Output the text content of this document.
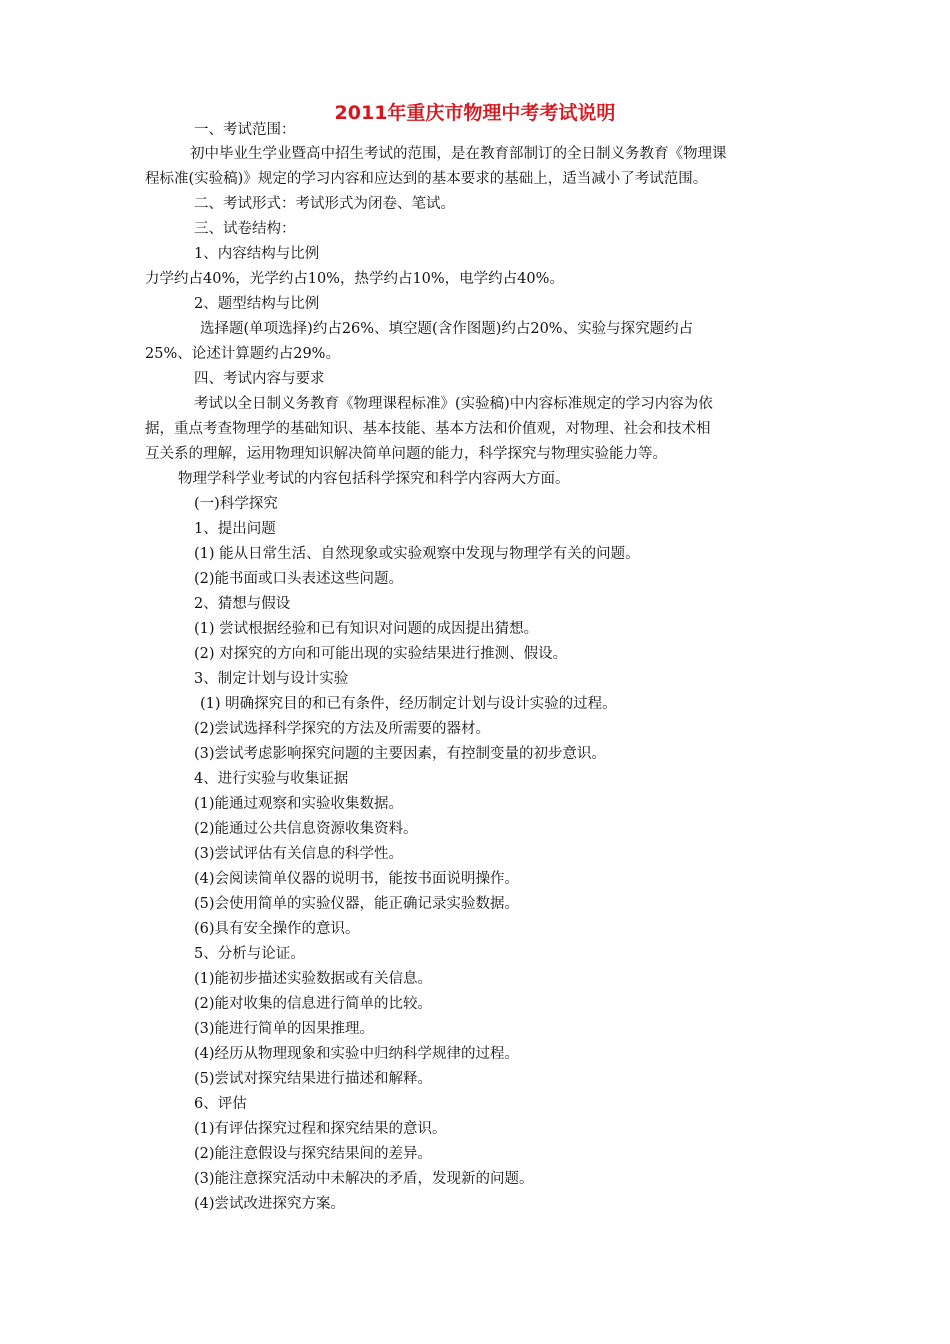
2011年重庆市物理中考考试说明
一、考试范围：
初中毕业生学业暨高中招生考试的范围，是在教育部制订的全日制义务教育《物理课
程标准(实验稿)》规定的学习内容和应达到的基本要求的基础上，适当减小了考试范围。
二、考试形式：考试形式为闭卷、笔试。
三、试卷结构：
1、内容结构与比例
力学约占40%，光学约占10%，热学约占10%，电学约占40%。
2、题型结构与比例
选择题(单项选择)约占26%、填空题(含作图题)约占20%、实验与探究题约占
25%、论述计算题约占29%。
四、考试内容与要求
考试以全日制义务教育《物理课程标准》(实验稿)中内容标准规定的学习内容为依
据，重点考查物理学的基础知识、基本技能、基本方法和价值观，对物理、社会和技术相
互关系的理解，运用物理知识解决简单问题的能力，科学探究与物理实验能力等。
物理学科学业考试的内容包括科学探究和科学内容两大方面。
(一)科学探究
1、提出问题
(1) 能从日常生活、自然现象或实验观察中发现与物理学有关的问题。
(2)能书面或口头表述这些问题。
2、猜想与假设
(1) 尝试根据经验和已有知识对问题的成因提出猜想。
(2) 对探究的方向和可能出现的实验结果进行推测、假设。
3、制定计划与设计实验
(1) 明确探究目的和已有条件，经历制定计划与设计实验的过程。
(2)尝试选择科学探究的方法及所需要的器材。
(3)尝试考虑影响探究问题的主要因素，有控制变量的初步意识。
4、进行实验与收集证据
(1)能通过观察和实验收集数据。
(2)能通过公共信息资源收集资料。
(3)尝试评估有关信息的科学性。
(4)会阅读简单仪器的说明书，能按书面说明操作。
(5)会使用简单的实验仪器，能正确记录实验数据。
(6)具有安全操作的意识。
5、分析与论证。
(1)能初步描述实验数据或有关信息。
(2)能对收集的信息进行简单的比较。
(3)能进行简单的因果推理。
(4)经历从物理现象和实验中归纳科学规律的过程。
(5)尝试对探究结果进行描述和解释。
6、评估
(1)有评估探究过程和探究结果的意识。
(2)能注意假设与探究结果间的差异。
(3)能注意探究活动中未解决的矛盾，发现新的问题。
(4)尝试改进探究方案。
